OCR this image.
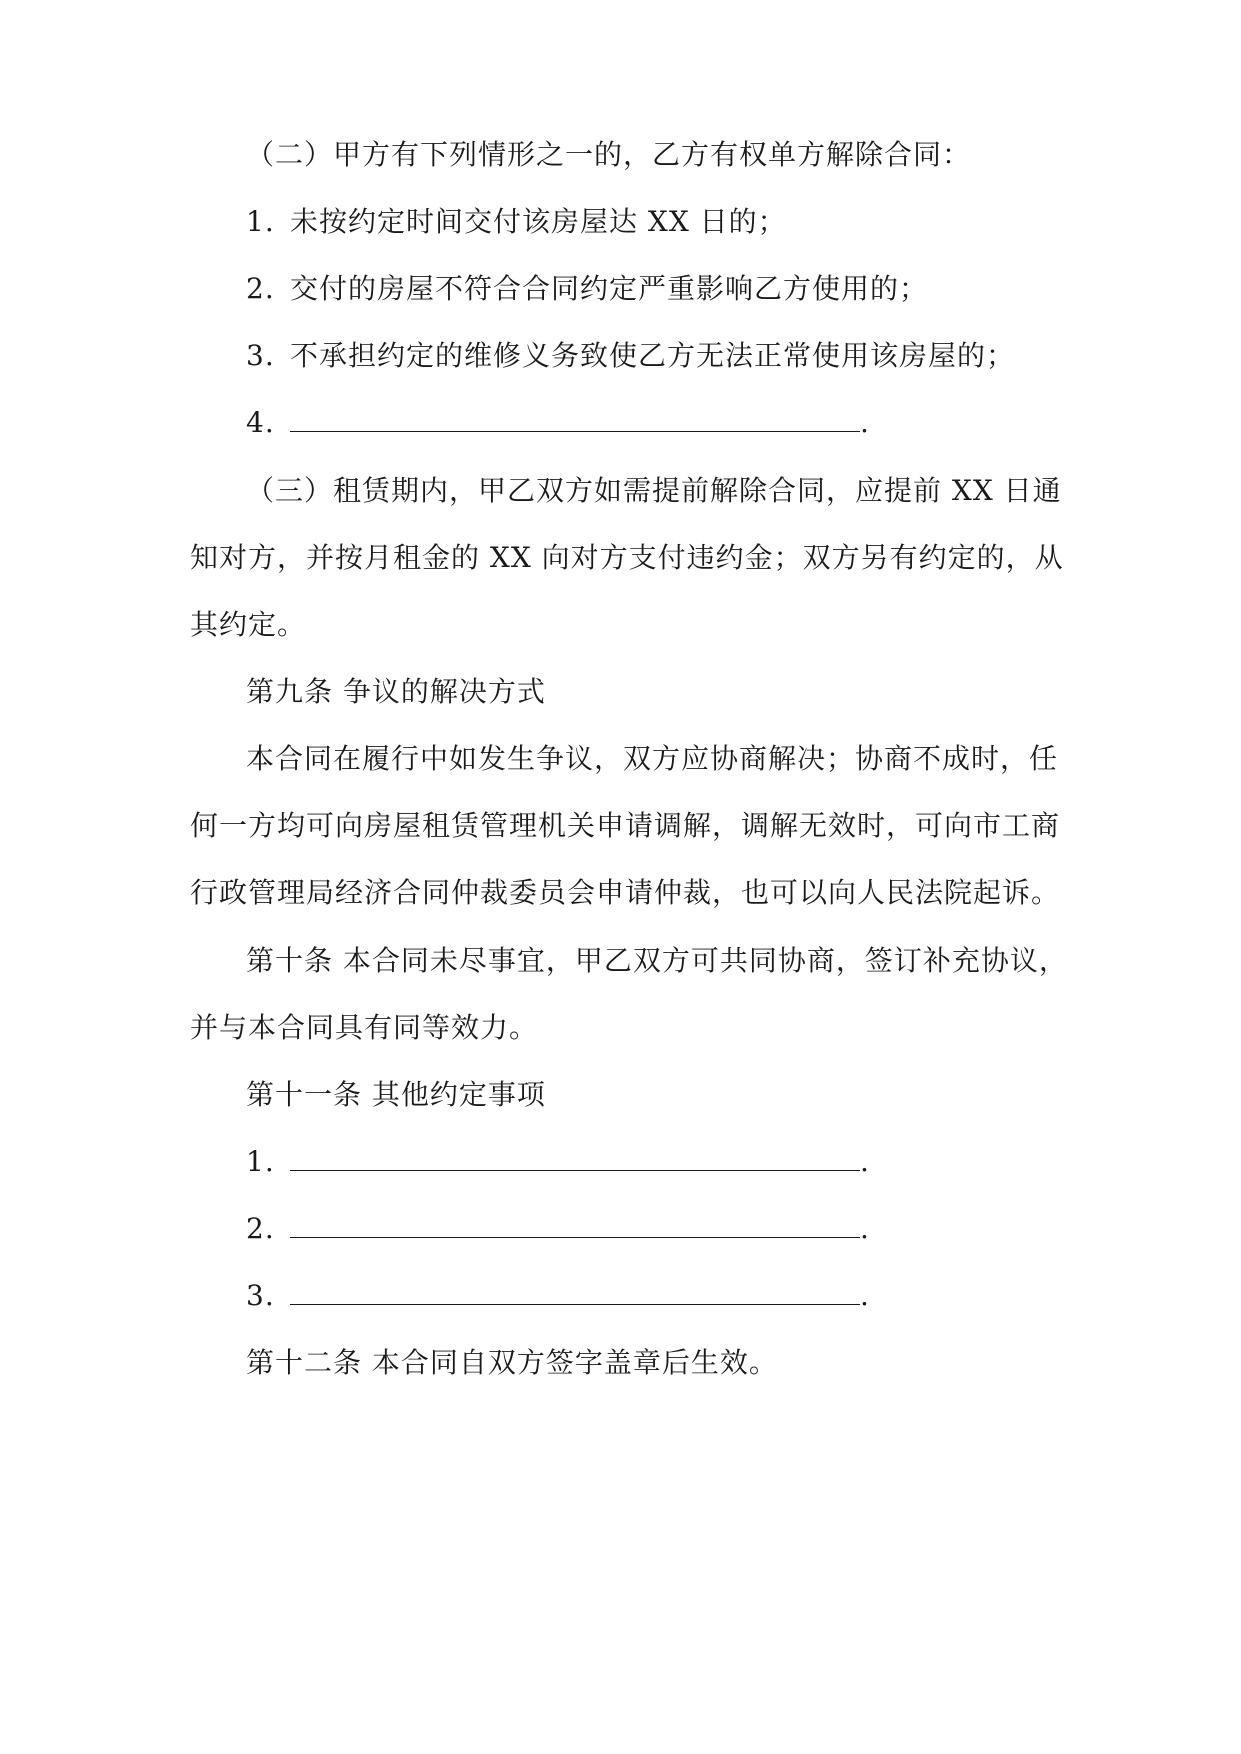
（二）甲方有下列情形之一的，乙方有权单方解除合同：
1. 未按约定时间交付该房屋达 XX 日的；
2. 交付的房屋不符合合同约定严重影响乙方使用的；
3. 不承担约定的维修义务致使乙方无法正常使用该房屋的；
4.	.
（三）租赁期内，甲乙双方如需提前解除合同，应提前 XX 日通
知对方，并按月租金的 XX 向对方支付违约金；双方另有约定的，从
其约定。
第九条 争议的解决方式
本合同在履行中如发生争议，双方应协商解决；协商不成时，任
何一方均可向房屋租赁管理机关申请调解，调解无效时，可向市工商
行政管理局经济合同仲裁委员会申请仲裁，也可以向人民法院起诉。
第十条 本合同未尽事宜，甲乙双方可共同协商，签订补充协议，
并与本合同具有同等效力。
第十一条 其他约定事项
1.	.
2.	.
3.	.
第十二条 本合同自双方签字盖章后生效。
